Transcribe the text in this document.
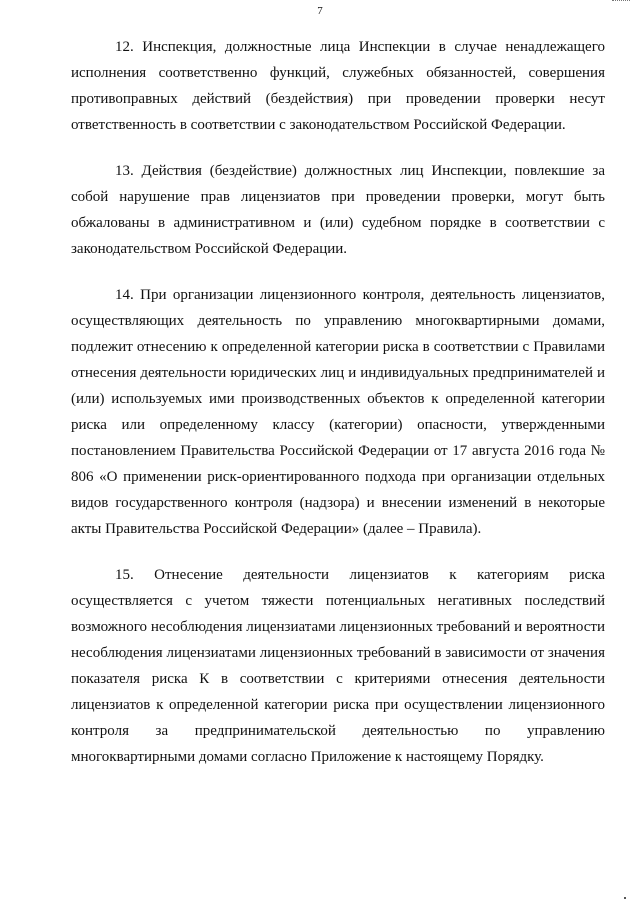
7

12. Инспекция, должностные лица Инспекции в случае ненадлежащего исполнения соответственно функций, служебных обязанностей, совершения противоправных действий (бездействия) при проведении проверки несут ответственность в соответствии с законодательством Российской Федерации.

13. Действия (бездействие) должностных лиц Инспекции, повлекшие за собой нарушение прав лицензиатов при проведении проверки, могут быть обжалованы в административном и (или) судебном порядке в соответствии с законодательством Российской Федерации.

14. При организации лицензионного контроля, деятельность лицензиатов, осуществляющих деятельность по управлению многоквартирными домами, подлежит отнесению к определенной категории риска в соответствии с Правилами отнесения деятельности юридических лиц и индивидуальных предпринимателей и (или) используемых ими производственных объектов к определенной категории риска или определенному классу (категории) опасности, утвержденными постановлением Правительства Российской Федерации от 17 августа 2016 года № 806 «О применении риск-ориентированного подхода при организации отдельных видов государственного контроля (надзора) и внесении изменений в некоторые акты Правительства Российской Федерации» (далее – Правила).

15. Отнесение деятельности лицензиатов к категориям риска осуществляется с учетом тяжести потенциальных негативных последствий возможного несоблюдения лицензиатами лицензионных требований и вероятности несоблюдения лицензиатами лицензионных требований в зависимости от значения показателя риска К в соответствии с критериями отнесения деятельности лицензиатов к определенной категории риска при осуществлении лицензионного контроля за предпринимательской деятельностью по управлению многоквартирными домами согласно Приложение к настоящему Порядку.
